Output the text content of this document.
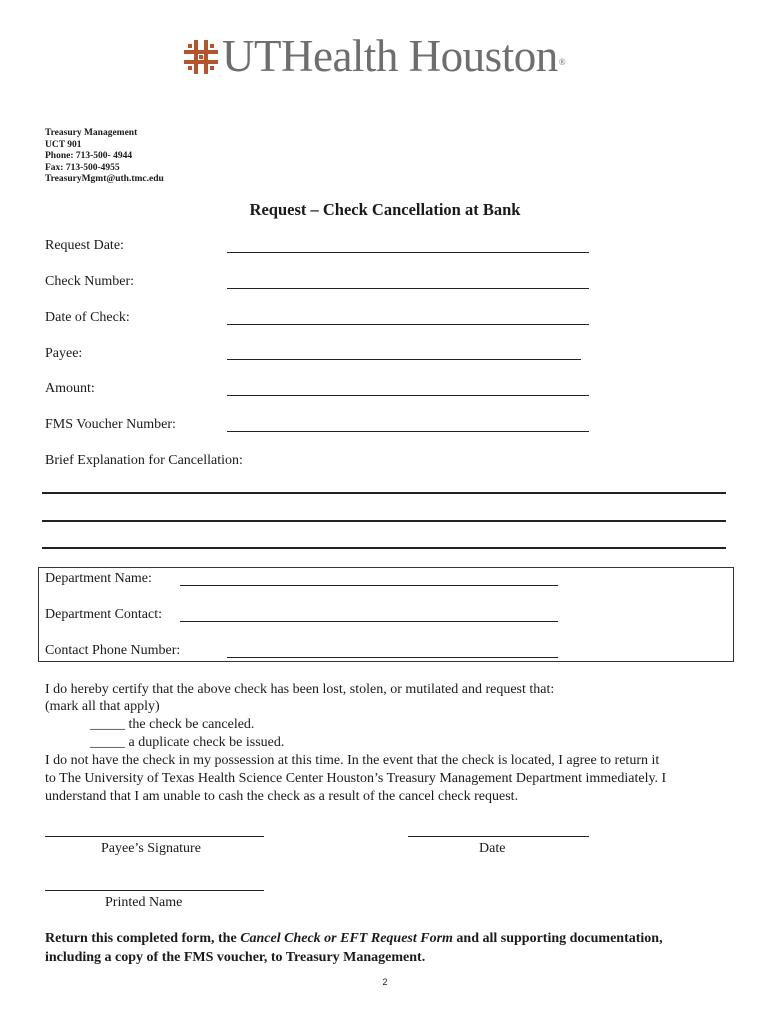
UTHealth Houston®
Treasury Management
UCT 901
Phone: 713-500- 4944
Fax: 713-500-4955
TreasuryMgmt@uth.tmc.edu
Request – Check Cancellation at Bank
Request Date:
Check Number:
Date of Check:
Payee:
Amount:
FMS Voucher Number:
Brief Explanation for Cancellation:
Department Name:
Department Contact:
Contact Phone Number:
I do hereby certify that the above check has been lost, stolen, or mutilated and request that:
(mark all that apply)
_____ the check be canceled.
_____ a duplicate check be issued.
I do not have the check in my possession at this time. In the event that the check is located, I agree to return it
to The University of Texas Health Science Center Houston’s Treasury Management Department immediately. I
understand that I am unable to cash the check as a result of the cancel check request.
Payee’s Signature	Date
Printed Name
Return this completed form, the Cancel Check or EFT Request Form and all supporting documentation,
including a copy of the FMS voucher, to Treasury Management.
2
